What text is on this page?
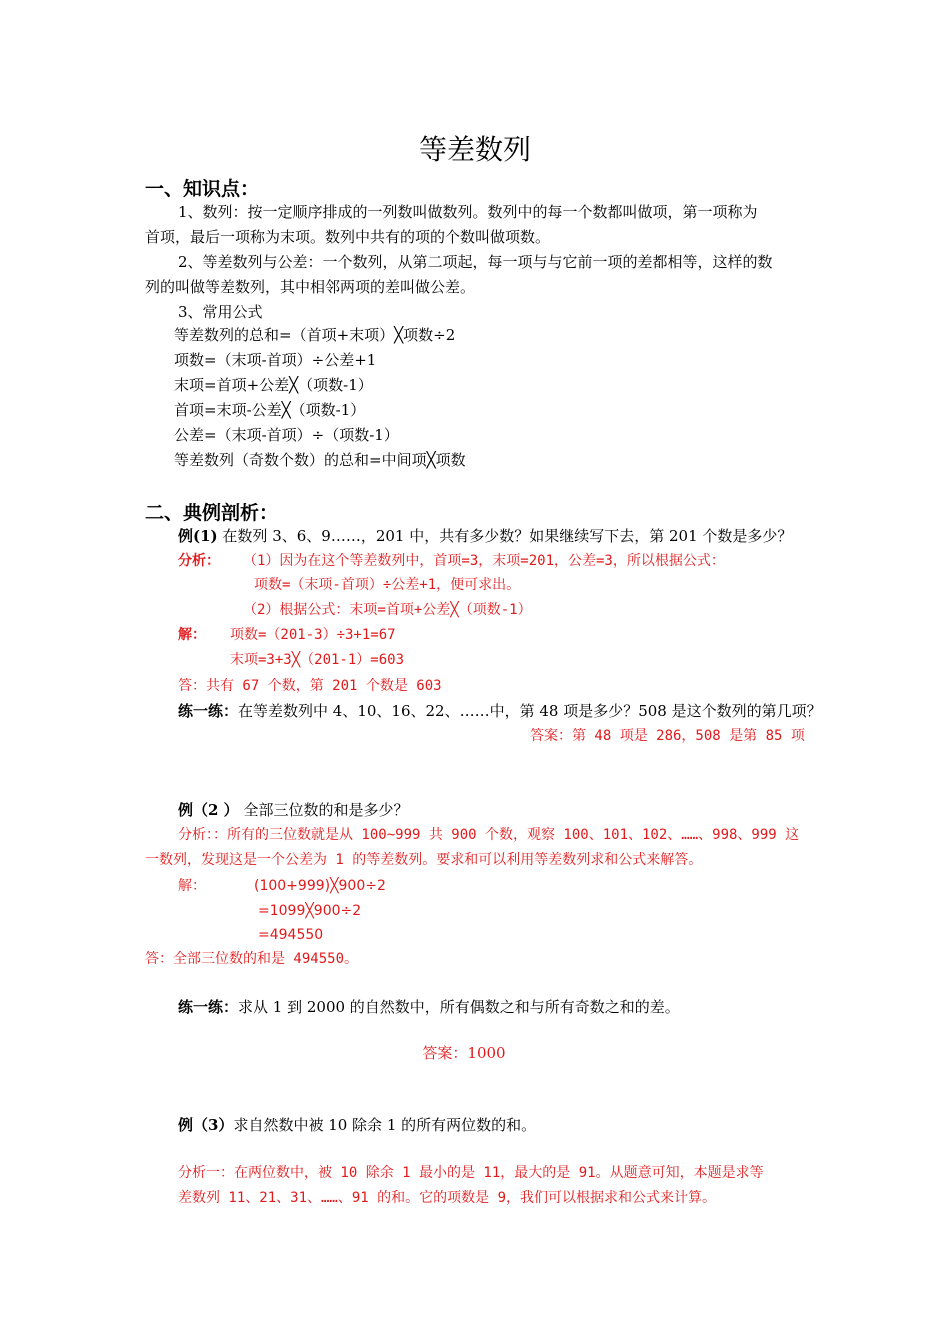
等差数列
一、知识点：
1、数列：按一定顺序排成的一列数叫做数列。数列中的每一个数都叫做项，第一项称为
首项，最后一项称为末项。数列中共有的项的个数叫做项数。
2、等差数列与公差：一个数列，从第二项起，每一项与与它前一项的差都相等，这样的数
列的叫做等差数列，其中相邻两项的差叫做公差。
3、常用公式
等差数列的总和=（首项+末项）╳项数÷2
项数=（末项-首项）÷公差+1
末项=首项+公差╳（项数-1）
首项=末项-公差╳（项数-1）
公差=（末项-首项）÷（项数-1）
等差数列（奇数个数）的总和=中间项╳项数
二、典例剖析：
例(1) 在数列 3、6、9……，201 中，共有多少数？如果继续写下去，第 201 个数是多少？
分析： （1）因为在这个等差数列中，首项=3，末项=201，公差=3，所以根据公式：
项数=（末项-首项）÷公差+1，便可求出。
（2）根据公式：末项=首项+公差╳（项数-1）
解： 项数=（201-3）÷3+1=67
末项=3+3╳（201-1）=603
答：共有 67 个数，第 201 个数是 603
练一练：在等差数列中 4、10、16、22、……中，第 48 项是多少？508 是这个数列的第几项？
答案：第 48 项是 286，508 是第 85 项
例（2 ） 全部三位数的和是多少？
分析：：所有的三位数就是从 100~999 共 900 个数，观察 100、101、102、……、998、999 这
一数列，发现这是一个公差为 1 的等差数列。要求和可以利用等差数列求和公式来解答。
解：	(100+999)╳900÷2
=1099╳900÷2
=494550
答：全部三位数的和是 494550。
练一练：求从 1 到 2000 的自然数中，所有偶数之和与所有奇数之和的差。
答案：1000
例（3）求自然数中被 10 除余 1 的所有两位数的和。
分析一：在两位数中，被 10 除余 1 最小的是 11，最大的是 91。从题意可知，本题是求等
差数列 11、21、31、……、91 的和。它的项数是 9，我们可以根据求和公式来计算。
